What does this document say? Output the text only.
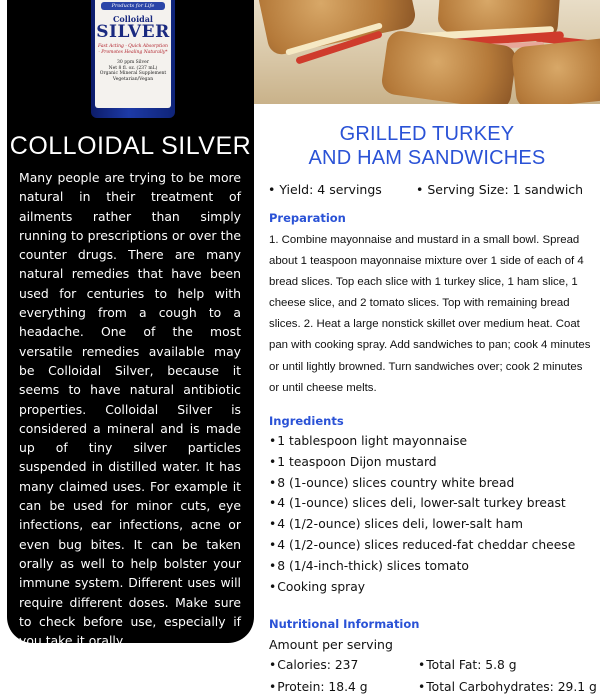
Products for Life
Colloidal
SILVER
Fast Acting · Quick Absorption · Promotes Healing Naturally*
30 ppm Silver
Net 8 fl. oz. (237 mL)
Organic Mineral Supplement
Vegetarian/Vegan
COLLOIDAL SILVER
Many people are trying to be more natural in their treatment of ailments rather than simply running to prescriptions or over the counter drugs. There are many natural remedies that have been used for centuries to help with everything from a cough to a headache. One of the most versatile remedies available may be Colloidal Silver, because it seems to have natural antibiotic properties. Colloidal Silver is considered a mineral and is made up of tiny silver particles suspended in distilled water. It has many claimed uses. For example it can be used for minor cuts, eye infections, ear infections, acne or even bug bites. It can be taken orally as well to help bolster your immune system. Different uses will require different doses. Make sure to check before use, especially if you take it orally.
GRILLED TURKEY
AND HAM SANDWICHES
• Yield: 4 servings	• Serving Size: 1 sandwich
Preparation
1. Combine mayonnaise and mustard in a small bowl. Spread about 1 teaspoon mayonnaise mixture over 1 side of each of 4 bread slices. Top each slice with 1 turkey slice, 1 ham slice, 1 cheese slice, and 2 tomato slices. Top with remaining bread slices. 2. Heat a large nonstick skillet over medium heat. Coat pan with cooking spray. Add sandwiches to pan; cook 4 minutes or until lightly browned. Turn sandwiches over; cook 2 minutes or until cheese melts.
Ingredients
• 1 tablespoon light mayonnaise
• 1 teaspoon Dijon mustard
• 8 (1-ounce) slices country white bread
• 4 (1-ounce) slices deli, lower-salt turkey breast
• 4 (1/2-ounce) slices deli, lower-salt ham
• 4 (1/2-ounce) slices reduced-fat cheddar cheese
• 8 (1/4-inch-thick) slices tomato
• Cooking spray
Nutritional Information
Amount per serving
• Calories: 237	• Total Fat: 5.8 g
• Protein: 18.4 g	• Total Carbohydrates: 29.1 g
